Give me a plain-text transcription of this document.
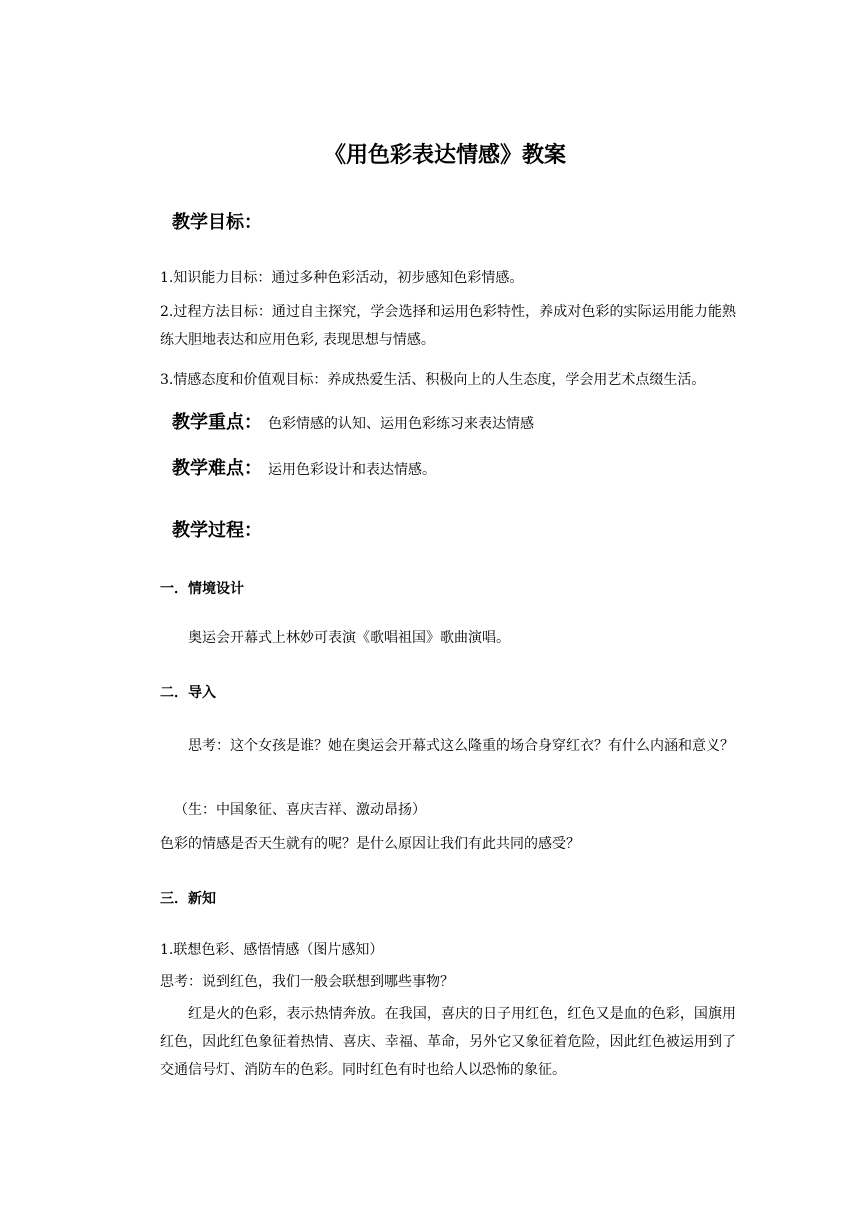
《用色彩表达情感》教案
教学目标：
1.知识能力目标：通过多种色彩活动，初步感知色彩情感。
2.过程方法目标：通过自主探究，学会选择和运用色彩特性，养成对色彩的实际运用能力能熟练大胆地表达和应用色彩, 表现思想与情感。
3.情感态度和价值观目标：养成热爱生活、积极向上的人生态度，学会用艺术点缀生活。
教学重点： 色彩情感的认知、运用色彩练习来表达情感
教学难点： 运用色彩设计和表达情感。
教学过程：
一．情境设计
奥运会开幕式上林妙可表演《歌唱祖国》歌曲演唱。
二．导入
思考：这个女孩是谁？她在奥运会开幕式这么隆重的场合身穿红衣？有什么内涵和意义？
（生：中国象征、喜庆吉祥、激动昂扬）
色彩的情感是否天生就有的呢？是什么原因让我们有此共同的感受？
三．新知
1.联想色彩、感悟情感（图片感知）
思考：说到红色，我们一般会联想到哪些事物？
红是火的色彩，表示热情奔放。在我国，喜庆的日子用红色，红色又是血的色彩，国旗用红色，因此红色象征着热情、喜庆、幸福、革命，另外它又象征着危险，因此红色被运用到了交通信号灯、消防车的色彩。同时红色有时也给人以恐怖的象征。
